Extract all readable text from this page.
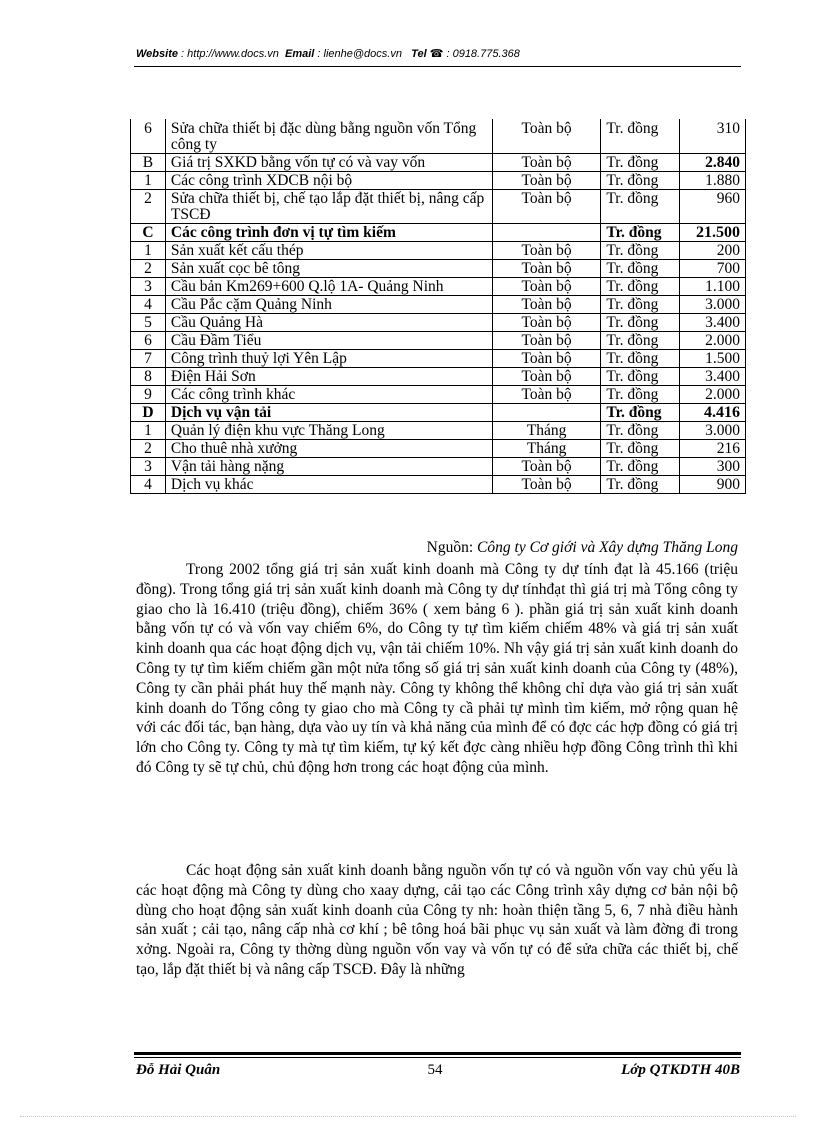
Website : http://www.docs.vn Email : lienhe@docs.vn Tel ☎ : 0918.775.368
6	Sửa chữa thiết bị đặc dùng bằng nguồn vốn Tổng công ty	Toàn bộ	Tr. đồng	310
B	Giá trị SXKD bằng vốn tự có và vay vốn	Toàn bộ	Tr. đồng	2.840
1	Các công trình XDCB nội bộ	Toàn bộ	Tr. đồng	1.880
2	Sửa chữa thiết bị, chế tạo lắp đặt thiết bị, nâng cấp TSCĐ	Toàn bộ	Tr. đồng	960
C	Các công trình đơn vị tự tìm kiếm		Tr. đồng	21.500
1	Sản xuất kết cấu thép	Toàn bộ	Tr. đồng	200
2	Sản xuất cọc bê tông	Toàn bộ	Tr. đồng	700
3	Cầu bản Km269+600 Q.lộ 1A- Quảng Ninh	Toàn bộ	Tr. đồng	1.100
4	Cầu Pắc cặm Quảng Ninh	Toàn bộ	Tr. đồng	3.000
5	Cầu Quảng Hà	Toàn bộ	Tr. đồng	3.400
6	Cầu Đầm Tiểu	Toàn bộ	Tr. đồng	2.000
7	Công trình thuỷ lợi Yên Lập	Toàn bộ	Tr. đồng	1.500
8	Điện Hải Sơn	Toàn bộ	Tr. đồng	3.400
9	Các công trình khác	Toàn bộ	Tr. đồng	2.000
D	Dịch vụ vận tải		Tr. đồng	4.416
1	Quản lý điện khu vực Thăng Long	Tháng	Tr. đồng	3.000
2	Cho thuê nhà xưởng	Tháng	Tr. đồng	216
3	Vận tải hàng nặng	Toàn bộ	Tr. đồng	300
4	Dịch vụ khác	Toàn bộ	Tr. đồng	900
Nguồn: Công ty Cơ giới và Xây dựng Thăng Long

Trong 2002 tổng giá trị sản xuất kinh doanh mà Công ty dự tính đạt là 45.166 (triệu đồng). Trong tổng giá trị sản xuất kinh doanh mà Công ty dự tínhđạt thì giá trị mà Tổng công ty giao cho là 16.410 (triệu đồng), chiếm 36% ( xem bảng 6 ). phần giá trị sản xuất kinh doanh bằng vốn tự có và vốn vay chiếm 6%, do Công ty tự tìm kiếm chiếm 48% và giá trị sản xuất kinh doanh qua các hoạt động dịch vụ, vận tải chiếm 10%. Nh vậy giá trị sản xuất kinh doanh do Công ty tự tìm kiếm chiếm gần một nửa tổng số giá trị sản xuất kinh doanh của Công ty (48%), Công ty cần phải phát huy thế mạnh này. Công ty không thể không chỉ dựa vào giá trị sản xuất kinh doanh do Tổng công ty giao cho mà Công ty cầ phải tự mình tìm kiếm, mở rộng quan hệ với các đối tác, bạn hàng, dựa vào uy tín và khả năng của mình để có đợc các hợp đồng có giá trị lớn cho Công ty. Công ty mà tự tìm kiếm, tự ký kết đợc càng nhiều hợp đồng Công trình thì khi đó Công ty sẽ tự chủ, chủ động hơn trong các hoạt động của mình.

Các hoạt động sản xuất kinh doanh bằng nguồn vốn tự có và nguồn vốn vay chủ yếu là các hoạt động mà Công ty dùng cho xaay dựng, cải tạo các Công trình xây dựng cơ bản nội bộ dùng cho hoạt động sản xuất kinh doanh của Công ty nh: hoàn thiện tầng 5, 6, 7 nhà điều hành sản xuất ; cải tạo, nâng cấp nhà cơ khí ; bê tông hoá bãi phục vụ sản xuất và làm đờng đi trong xởng. Ngoài ra, Công ty thờng dùng nguồn vốn vay và vốn tự có để sửa chữa các thiết bị, chế tạo, lắp đặt thiết bị và nâng cấp TSCĐ. Đây là những

Đỗ Hải Quân	54	Lớp QTKDTH 40B
